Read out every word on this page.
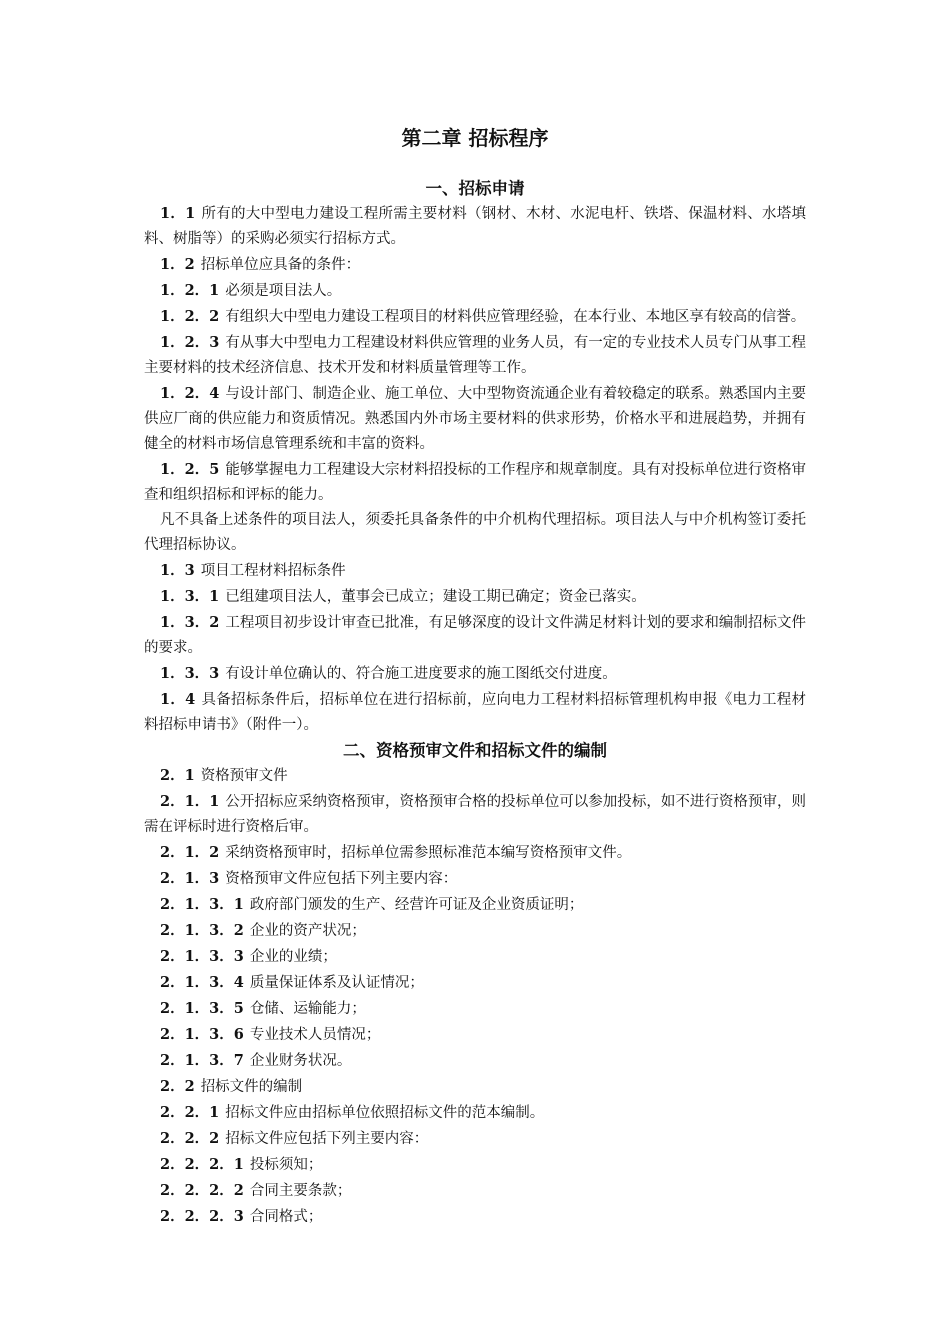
第二章 招标程序
一、招标申请

1．1 所有的大中型电力建设工程所需主要材料（钢材、木材、水泥电杆、铁塔、保温材料、水塔填料、树脂等）的采购必须实行招标方式。

1．2 招标单位应具备的条件：

1．2．1 必须是项目法人。

1．2．2 有组织大中型电力建设工程项目的材料供应管理经验，在本行业、本地区享有较高的信誉。

1．2．3 有从事大中型电力工程建设材料供应管理的业务人员，有一定的专业技术人员专门从事工程主要材料的技术经济信息、技术开发和材料质量管理等工作。

1．2．4 与设计部门、制造企业、施工单位、大中型物资流通企业有着较稳定的联系。熟悉国内主要供应厂商的供应能力和资质情况。熟悉国内外市场主要材料的供求形势，价格水平和进展趋势，并拥有健全的材料市场信息管理系统和丰富的资料。

1．2．5 能够掌握电力工程建设大宗材料招投标的工作程序和规章制度。具有对投标单位进行资格审查和组织招标和评标的能力。

凡不具备上述条件的项目法人，须委托具备条件的中介机构代理招标。项目法人与中介机构签订委托代理招标协议。

1．3 项目工程材料招标条件

1．3．1 已组建项目法人，董事会已成立；建设工期已确定；资金已落实。

1．3．2 工程项目初步设计审查已批准，有足够深度的设计文件满足材料计划的要求和编制招标文件的要求。

1．3．3 有设计单位确认的、符合施工进度要求的施工图纸交付进度。

1．4 具备招标条件后，招标单位在进行招标前，应向电力工程材料招标管理机构申报《电力工程材料招标申请书》（附件一）。

二、资格预审文件和招标文件的编制

2．1 资格预审文件

2．1．1 公开招标应采纳资格预审，资格预审合格的投标单位可以参加投标，如不进行资格预审，则需在评标时进行资格后审。

2．1．2 采纳资格预审时，招标单位需参照标准范本编写资格预审文件。

2．1．3 资格预审文件应包括下列主要内容：

2．1．3．1 政府部门颁发的生产、经营许可证及企业资质证明；

2．1．3．2 企业的资产状况；

2．1．3．3 企业的业绩；

2．1．3．4 质量保证体系及认证情况；

2．1．3．5 仓储、运输能力；

2．1．3．6 专业技术人员情况；

2．1．3．7 企业财务状况。

2．2 招标文件的编制

2．2．1 招标文件应由招标单位依照招标文件的范本编制。

2．2．2 招标文件应包括下列主要内容：

2．2．2．1 投标须知；

2．2．2．2 合同主要条款；

2．2．2．3 合同格式；
